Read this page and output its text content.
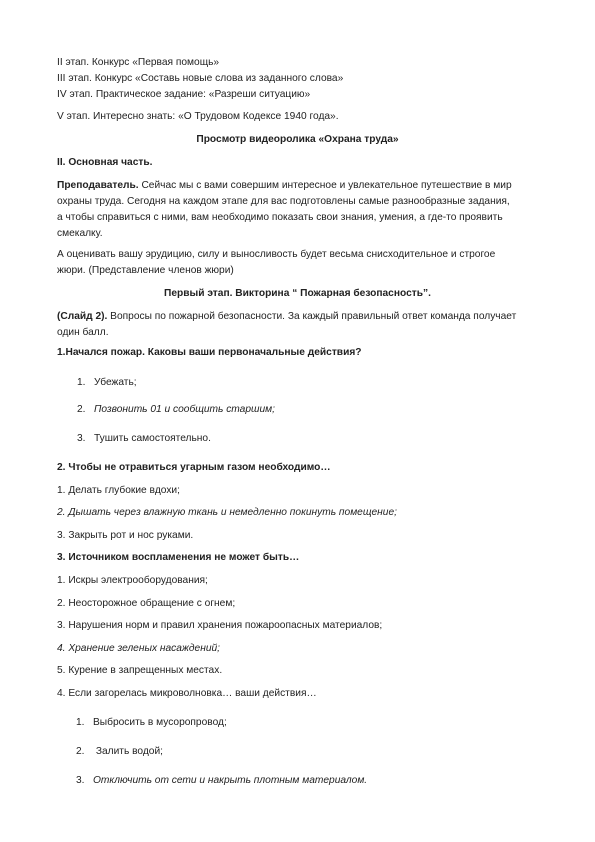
II этап. Конкурс «Первая помощь»
III этап. Конкурс «Составь новые слова из заданного слова»
IV этап. Практическое задание: «Разреши ситуацию»
V этап. Интересно знать: «О Трудовом Кодексе 1940 года».
Просмотр видеоролика «Охрана труда»
II. Основная часть.
Преподаватель. Сейчас мы с вами совершим интересное и увлекательное путешествие в мир
охраны труда. Сегодня на каждом этапе для вас подготовлены самые разнообразные задания,
а чтобы справиться с ними, вам необходимо показать свои знания, умения, а где-то проявить
смекалку.
А оценивать вашу эрудицию, силу и выносливость будет весьма снисходительное и строгое
жюри. (Представление членов жюри)
Первый этап. Викторина “ Пожарная безопасность”.
(Слайд 2). Вопросы по пожарной безопасности. За каждый правильный ответ команда получает
один балл.
1.Начался пожар. Каковы ваши первоначальные действия?
1. Убежать;
2. Позвонить 01 и сообщить старшим;
3. Тушить самостоятельно.
2. Чтобы не отравиться угарным газом необходимо…
1. Делать глубокие вдохи;
2. Дышать через влажную ткань и немедленно покинуть помещение;
3. Закрыть рот и нос руками.
3. Источником воспламенения не может быть…
1. Искры электрооборудования;
2. Неосторожное обращение с огнем;
3. Нарушения норм и правил хранения пожароопасных материалов;
4. Хранение зеленых насаждений;
5. Курение в запрещенных местах.
4. Если загорелась микроволновка… ваши действия…
1. Выбросить в мусоропровод;
2. Залить водой;
3. Отключить от сети и накрыть плотным материалом.
